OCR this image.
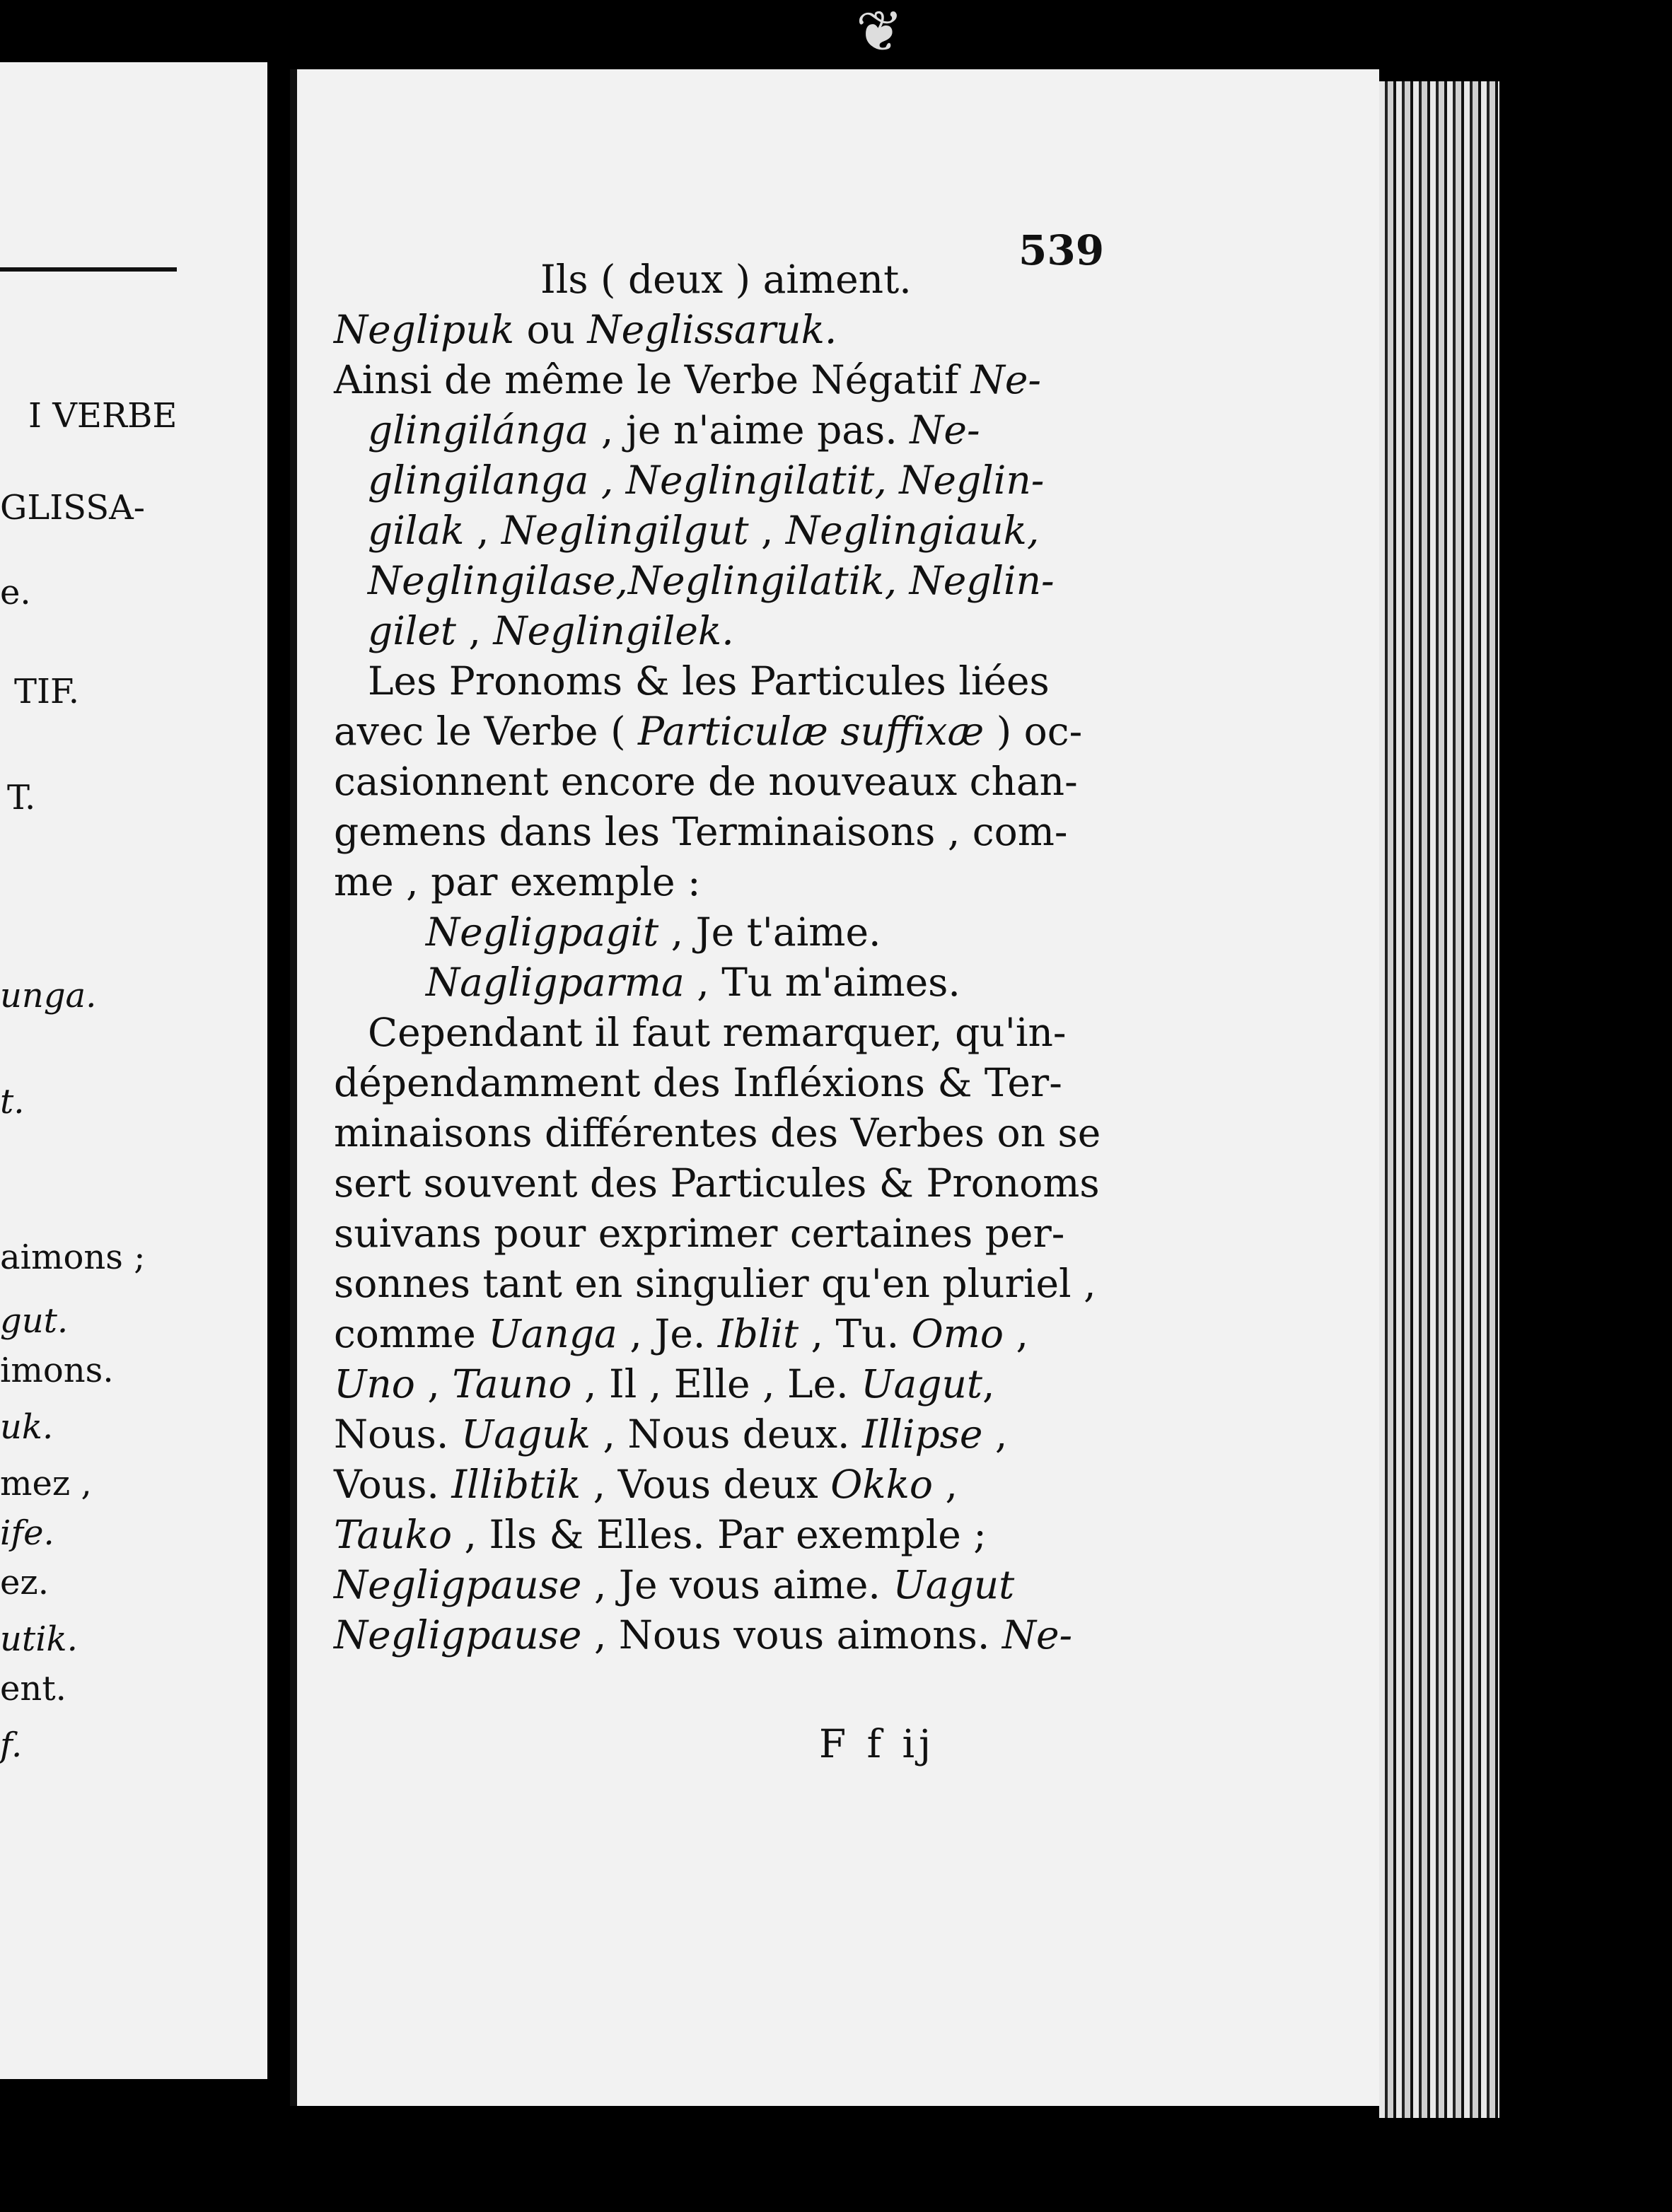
❦
I VERBE
GLISSA-
e.
TIF.
T.
unga.
t.
aimons ;
gut.
imons.
uk.
mez ,
ife.
ez.
utik.
ent.
f.
539
Ils ( deux ) aiment.
Neglipuk ou Neglissaruk.
Ainsi de même le Verbe Négatif Ne-
glingilánga , je n'aime pas. Ne-
glingilanga , Neglingilatit, Neglin-
gilak , Neglingilgut , Neglingiauk,
Neglingilase,Neglingilatik, Neglin-
gilet , Neglingilek.
Les Pronoms & les Particules liées
avec le Verbe ( Particulæ suffixæ ) oc-
casionnent encore de nouveaux chan-
gemens dans les Terminaisons , com-
me , par exemple :
Negligpagit , Je t'aime.
Nagligparma , Tu m'aimes.
Cependant il faut remarquer, qu'in-
dépendamment des Infléxions & Ter-
minaisons différentes des Verbes on se
sert souvent des Particules & Pronoms
suivans pour exprimer certaines per-
sonnes tant en singulier qu'en pluriel ,
comme Uanga , Je. Iblit , Tu. Omo ,
Uno , Tauno , Il , Elle , Le. Uagut,
Nous. Uaguk , Nous deux. Illipse ,
Vous. Illibtik , Vous deux Okko ,
Tauko , Ils & Elles. Par exemple ;
Negligpause , Je vous aime. Uagut
Negligpause , Nous vous aimons. Ne-
F f ij
